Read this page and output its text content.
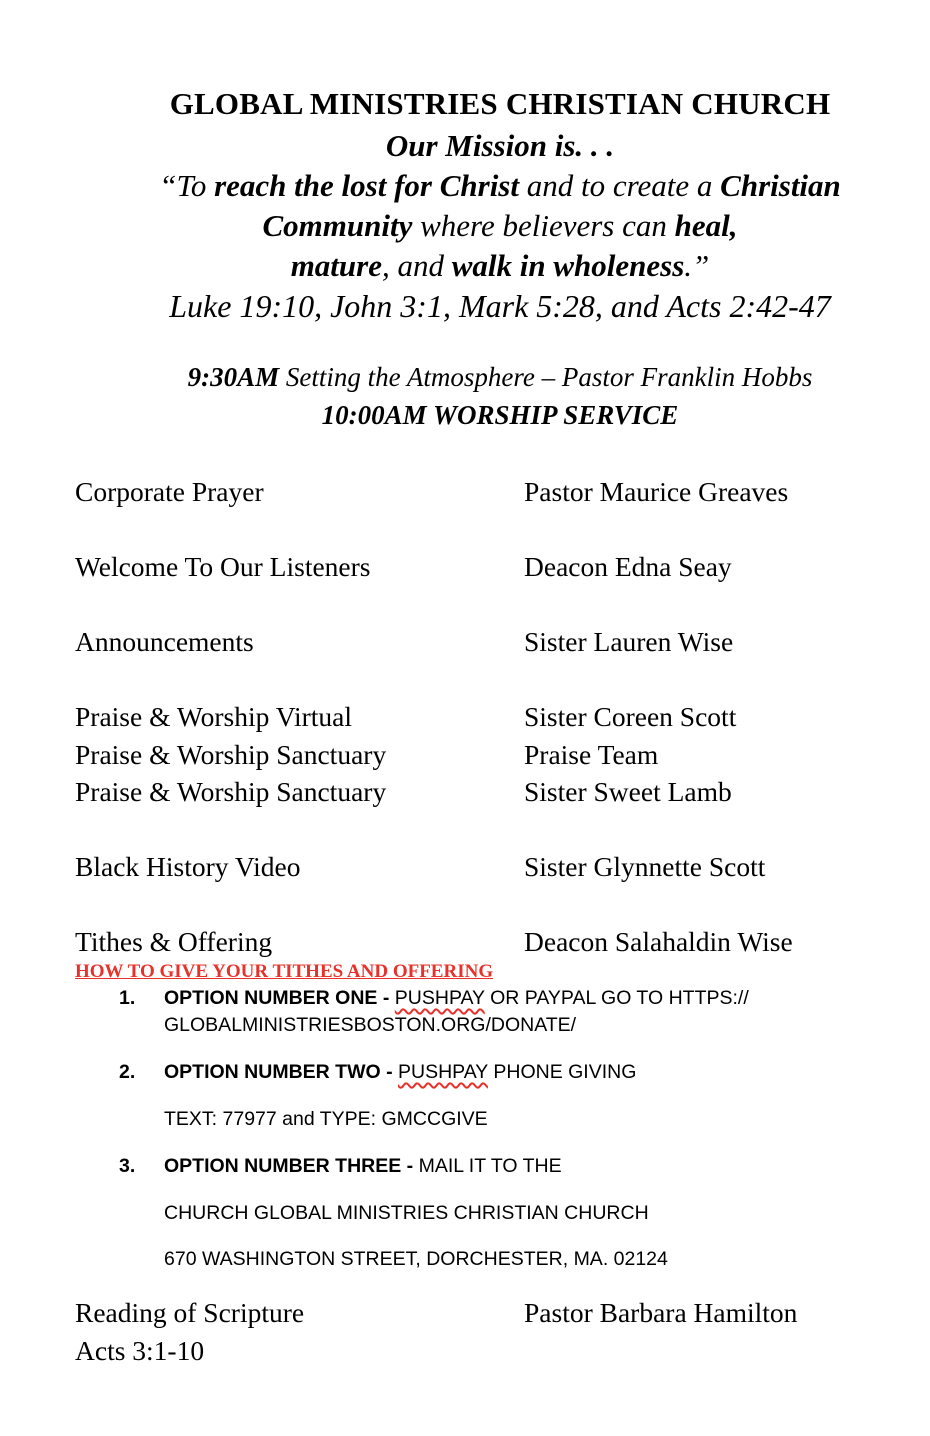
GLOBAL MINISTRIES CHRISTIAN CHURCH
Our Mission is. . .
“To reach the lost for Christ and to create a Christian
Community where believers can heal,
mature, and walk in wholeness.”
Luke 19:10, John 3:1, Mark 5:28, and Acts 2:42-47
9:30AM Setting the Atmosphere – Pastor Franklin Hobbs
10:00AM WORSHIP SERVICE
Corporate Prayer	Pastor Maurice Greaves
Welcome To Our Listeners	Deacon Edna Seay
Announcements	Sister Lauren Wise
Praise & Worship Virtual	Sister Coreen Scott
Praise & Worship Sanctuary	Praise Team
Praise & Worship Sanctuary	Sister Sweet Lamb
Black History Video	Sister Glynnette Scott
Tithes & Offering	Deacon Salahaldin Wise
HOW TO GIVE YOUR TITHES AND OFFERING
1. OPTION NUMBER ONE - PUSHPAY OR PAYPAL GO TO HTTPS://
GLOBALMINISTRIESBOSTON.ORG/DONATE/
2. OPTION NUMBER TWO - PUSHPAY PHONE GIVING
TEXT: 77977 and TYPE: GMCCGIVE
3. OPTION NUMBER THREE - MAIL IT TO THE
CHURCH GLOBAL MINISTRIES CHRISTIAN CHURCH
670 WASHINGTON STREET, DORCHESTER, MA. 02124
Reading of Scripture	Pastor Barbara Hamilton
Acts 3:1-10
